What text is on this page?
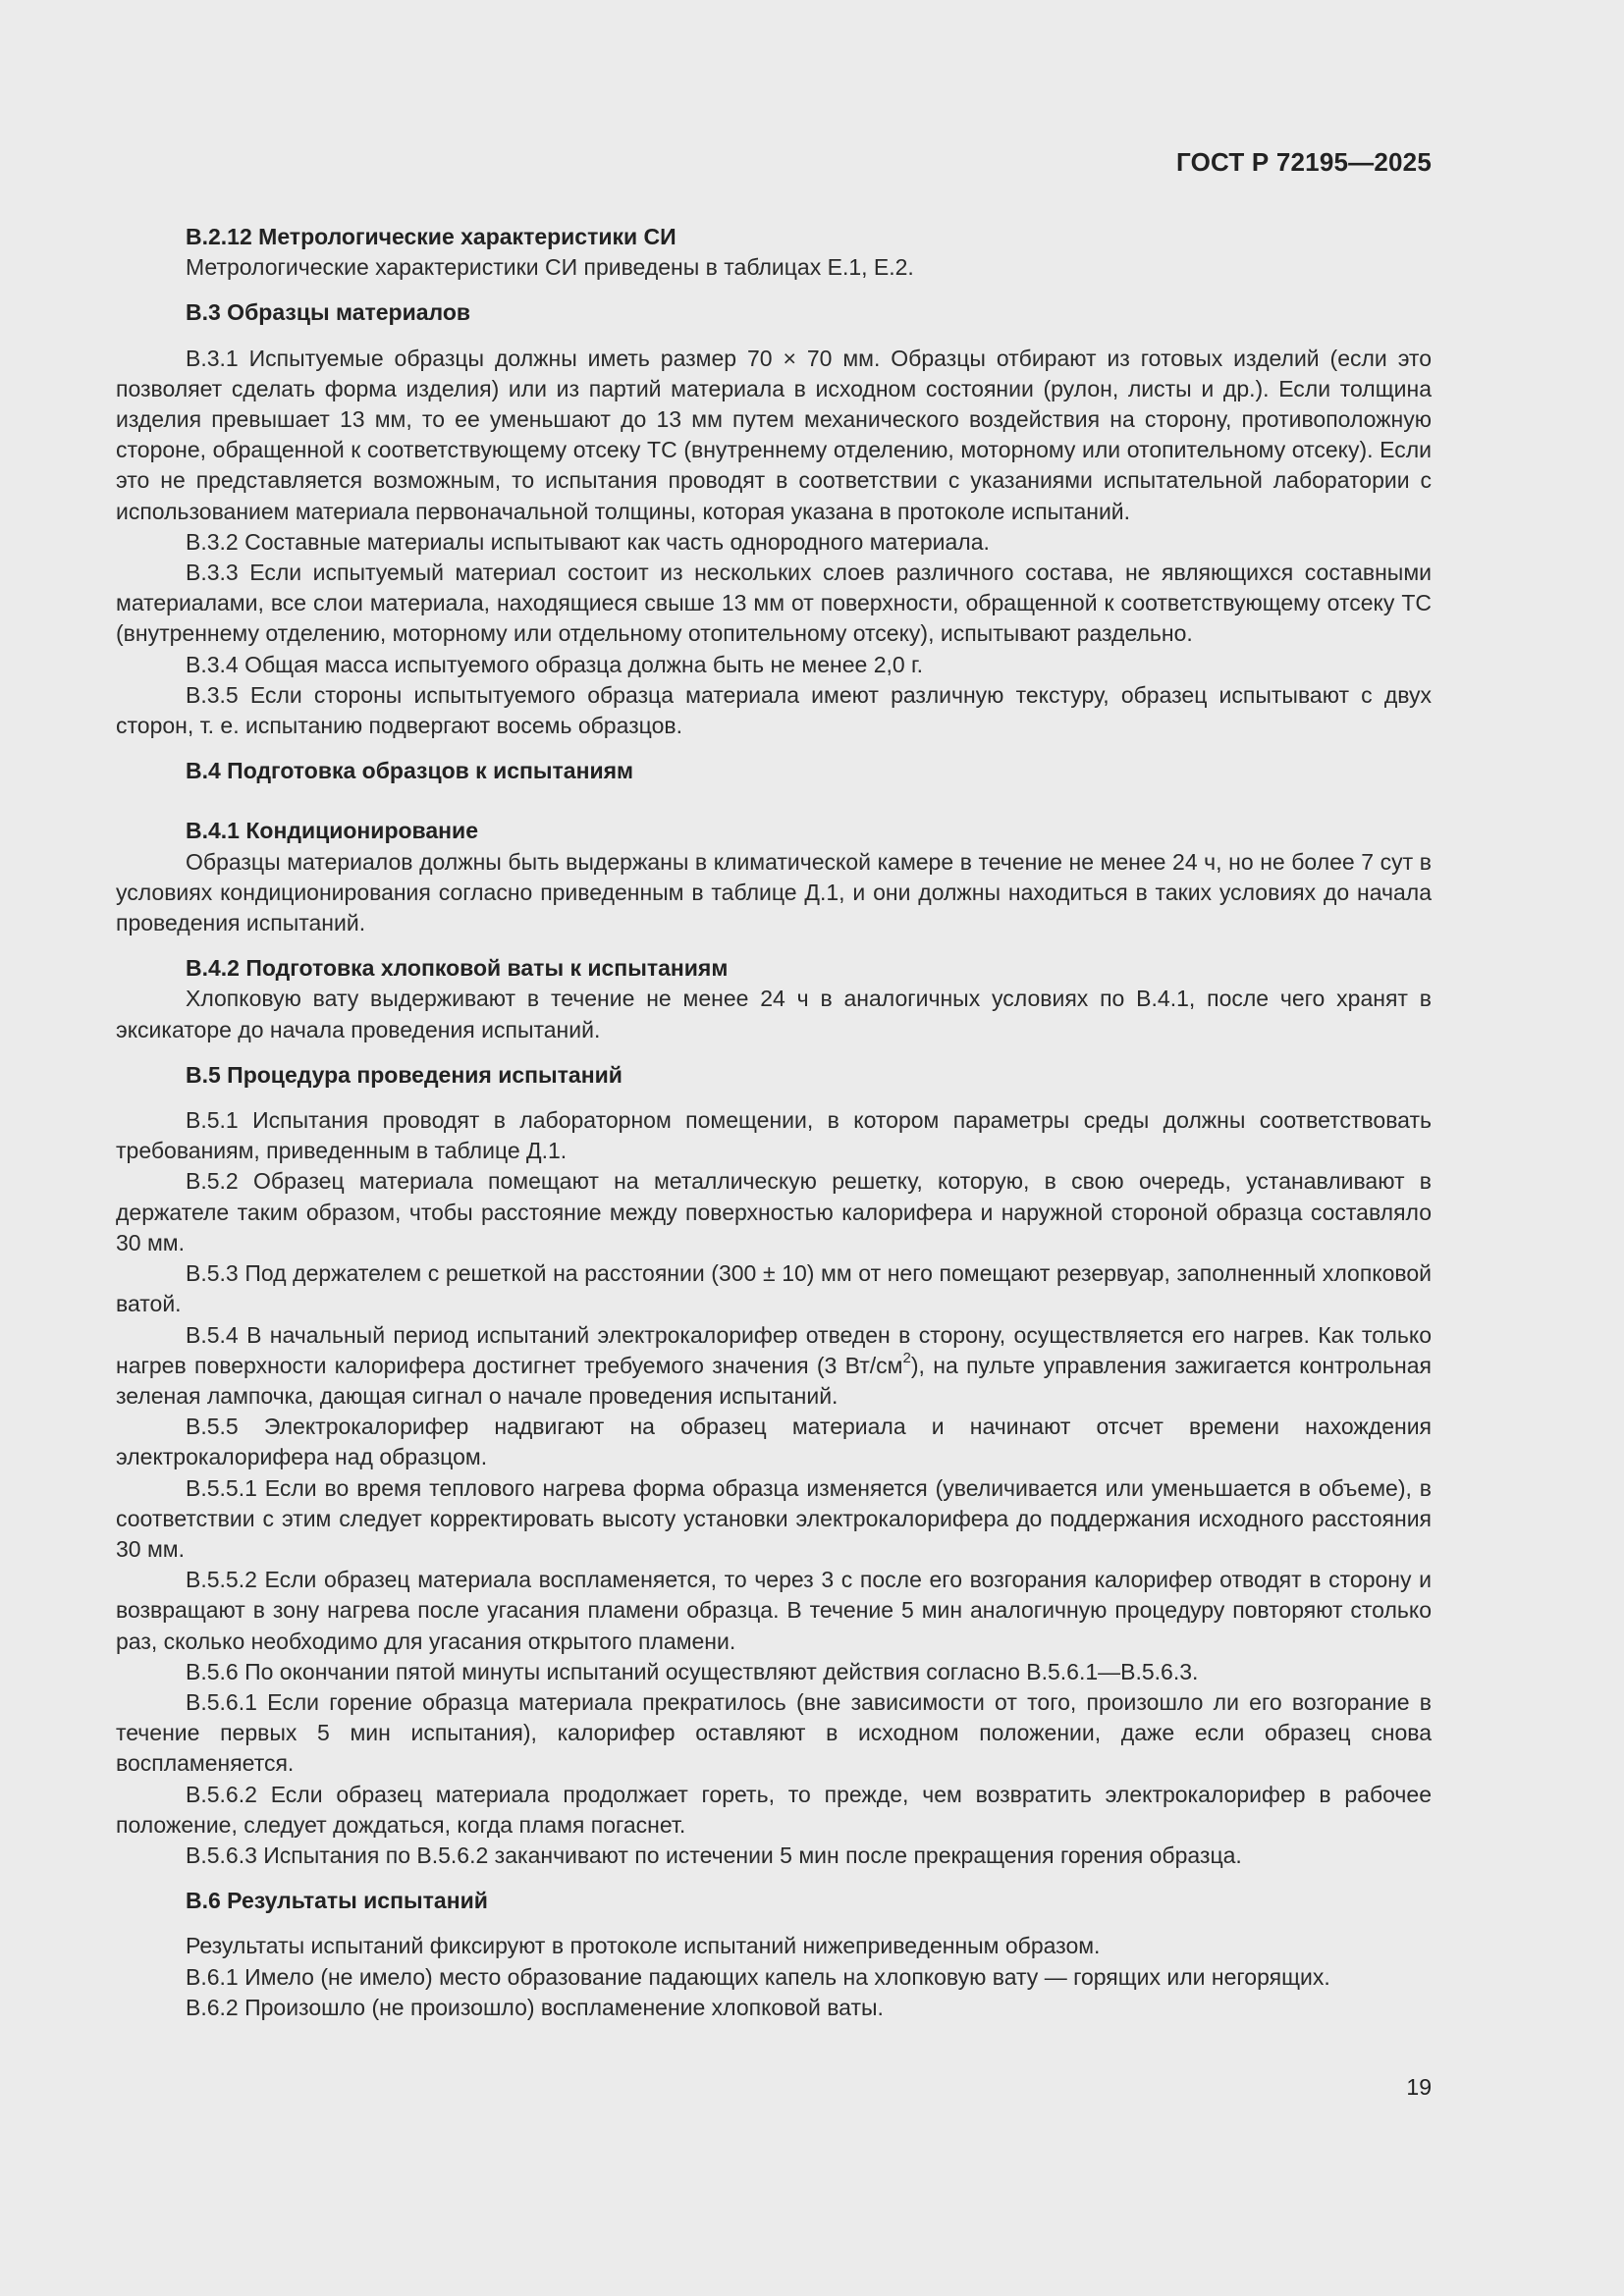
ГОСТ Р 72195—2025

В.2.12 Метрологические характеристики СИ

Метрологические характеристики СИ приведены в таблицах Е.1, Е.2.

В.3 Образцы материалов

В.3.1 Испытуемые образцы должны иметь размер 70 × 70 мм. Образцы отбирают из готовых изделий (если это позволяет сделать форма изделия) или из партий материала в исходном состоянии (рулон, листы и др.). Если толщина изделия превышает 13 мм, то ее уменьшают до 13 мм путем механического воздействия на сторону, противоположную стороне, обращенной к соответствующему отсеку ТС (внутреннему отделению, моторному или отопительному отсеку). Если это не представляется возможным, то испытания проводят в соответствии с указаниями испытательной лаборатории с использованием материала первоначальной толщины, которая указана в протоколе испытаний.

В.3.2 Составные материалы испытывают как часть однородного материала.

В.3.3 Если испытуемый материал состоит из нескольких слоев различного состава, не являющихся составными материалами, все слои материала, находящиеся свыше 13 мм от поверхности, обращенной к соответствующему отсеку ТС (внутреннему отделению, моторному или отдельному отопительному отсеку), испытывают раздельно.

В.3.4 Общая масса испытуемого образца должна быть не менее 2,0 г.

В.3.5 Если стороны испытытуемого образца материала имеют различную текстуру, образец испытывают с двух сторон, т. е. испытанию подвергают восемь образцов.

В.4 Подготовка образцов к испытаниям

В.4.1 Кондиционирование

Образцы материалов должны быть выдержаны в климатической камере в течение не менее 24 ч, но не более 7 сут в условиях кондиционирования согласно приведенным в таблице Д.1, и они должны находиться в таких условиях до начала проведения испытаний.

В.4.2 Подготовка хлопковой ваты к испытаниям

Хлопковую вату выдерживают в течение не менее 24 ч в аналогичных условиях по В.4.1, после чего хранят в эксикаторе до начала проведения испытаний.

В.5 Процедура проведения испытаний

В.5.1 Испытания проводят в лабораторном помещении, в котором параметры среды должны соответствовать требованиям, приведенным в таблице Д.1.

В.5.2 Образец материала помещают на металлическую решетку, которую, в свою очередь, устанавливают в держателе таким образом, чтобы расстояние между поверхностью калорифера и наружной стороной образца составляло 30 мм.

В.5.3 Под держателем с решеткой на расстоянии (300 ± 10) мм от него помещают резервуар, заполненный хлопковой ватой.

В.5.4 В начальный период испытаний электрокалорифер отведен в сторону, осуществляется его нагрев. Как только нагрев поверхности калорифера достигнет требуемого значения (3 $Вт/см^2$), на пульте управления зажигается контрольная зеленая лампочка, дающая сигнал о начале проведения испытаний.

В.5.5 Электрокалорифер надвигают на образец материала и начинают отсчет времени нахождения электрокалорифера над образцом.

В.5.5.1 Если во время теплового нагрева форма образца изменяется (увеличивается или уменьшается в объеме), в соответствии с этим следует корректировать высоту установки электрокалорифера до поддержания исходного расстояния 30 мм.

В.5.5.2 Если образец материала воспламеняется, то через 3 с после его возгорания калорифер отводят в сторону и возвращают в зону нагрева после угасания пламени образца. В течение 5 мин аналогичную процедуру повторяют столько раз, сколько необходимо для угасания открытого пламени.

В.5.6 По окончании пятой минуты испытаний осуществляют действия согласно В.5.6.1—В.5.6.3.

В.5.6.1 Если горение образца материала прекратилось (вне зависимости от того, произошло ли его возгорание в течение первых 5 мин испытания), калорифер оставляют в исходном положении, даже если образец снова воспламеняется.

В.5.6.2 Если образец материала продолжает гореть, то прежде, чем возвратить электрокалорифер в рабочее положение, следует дождаться, когда пламя погаснет.

В.5.6.3 Испытания по В.5.6.2 заканчивают по истечении 5 мин после прекращения горения образца.

В.6 Результаты испытаний

Результаты испытаний фиксируют в протоколе испытаний нижеприведенным образом.

В.6.1 Имело (не имело) место образование падающих капель на хлопковую вату — горящих или негорящих.

В.6.2 Произошло (не произошло) воспламенение хлопковой ваты.

19
